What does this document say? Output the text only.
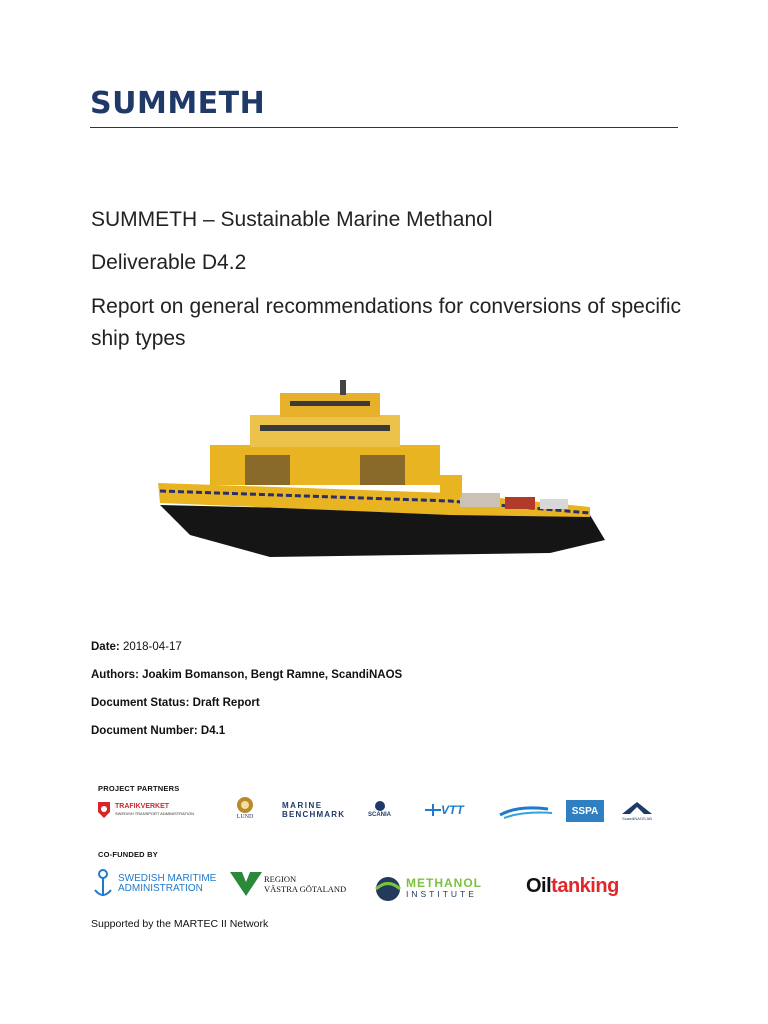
SUMMETH
SUMMETH – Sustainable Marine Methanol
Deliverable D4.2
Report on general recommendations for conversions of specific ship types
Date: 2018-04-17
Authors: Joakim Bomanson, Bengt Ramne, ScandiNAOS
Document Status: Draft Report
Document Number: D4.1
PROJECT PARTNERS
TRAFIKVERKET
SWEDISH TRANSPORT ADMINISTRATION
LUND
MARINE
BENCHMARK	SCANIA	VTT	SSPA
ScandiNAOS AB
CO-FUNDED BY
SWEDISH MARITIME
ADMINISTRATION
REGION
VÄSTRA GÖTALAND	METHANOL
INSTITUTE Oiltanking
Supported by the MARTEC II Network
